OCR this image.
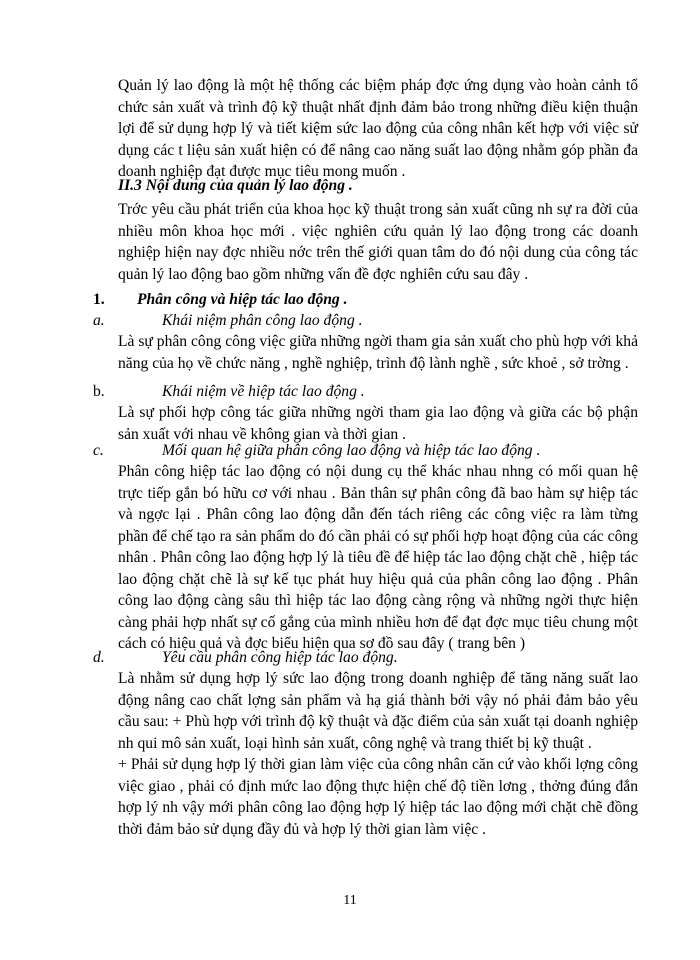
Quản lý lao động là một hệ thống các biệm pháp đợc ứng dụng vào hoàn cảnh tổ chức sản xuất và trình độ kỹ thuật nhất định đảm bảo trong những điều kiện thuận lợi để sử dụng hợp lý và tiết kiệm sức lao động của công nhân kết hợp với việc sử dụng các t liệu sản xuất hiện có để nâng cao năng suất lao động nhằm góp phần đa doanh nghiệp đạt được mục tiêu mong muốn .
II.3 Nội dung của quản lý lao động .
Trớc yêu cầu phát triển của khoa học kỹ thuật trong sản xuất cũng nh sự ra đời của nhiều môn khoa học mới . việc nghiên cứu quản lý lao động trong các doanh nghiệp hiện nay đợc nhiều nớc trên thế giới quan tâm do đó nội dung của công tác quản lý lao động bao gồm những vấn đề đợc nghiên cứu sau đây .
1. Phân công và hiệp tác lao động .
a.	Khái niệm phân công lao động .
Là sự phân công công việc giữa những ngời tham gia sản xuất cho phù hợp với khả năng của họ về chức năng , nghề nghiệp, trình độ lành nghề , sức khoẻ , sở trờng .
b.	Khái niệm về hiệp tác lao động .
Là sự phối hợp công tác giữa những ngời tham gia lao động và giữa các bộ phận sản xuất với nhau về không gian và thời gian .
c.	Mối quan hệ giữa phân công lao động và hiệp tác lao động .
Phân công hiệp tác lao động có nội dung cụ thể khác nhau nhng có mối quan hệ trực tiếp gắn bó hữu cơ với nhau . Bản thân sự phân công đã bao hàm sự hiệp tác và ngợc lại . Phân công lao động dẫn đến tách riêng các công việc ra làm từng phần để chế tạo ra sản phẩm do đó cần phải có sự phối hợp hoạt động của các công nhân . Phân công lao động hợp lý là tiêu đề để hiệp tác lao động chặt chẽ , hiệp tác lao động chặt chẽ là sự kế tục phát huy hiệu quả của phân công lao động . Phân công lao động càng sâu thì hiệp tác lao động càng rộng và những ngời thực hiện càng phải hợp nhất sự cố gắng của mình nhiều hơn để đạt đợc mục tiêu chung một cách có hiệu quả và đợc biểu hiện qua sơ đồ sau đây ( trang bên )
d.	Yêu cầu phân công hiệp tác lao động.
Là nhằm sử dụng hợp lý sức lao động trong doanh nghiệp để tăng năng suất lao động nâng cao chất lợng sản phẩm và hạ giá thành bởi vậy nó phải đảm bảo yêu cầu sau: + Phù hợp với trình độ kỹ thuật và đặc điểm của sản xuất tại doanh nghiệp nh qui mô sản xuất, loại hình sản xuất, công nghệ và trang thiết bị kỹ thuật .
+ Phải sử dụng hợp lý thời gian làm việc của công nhân căn cứ vào khối lợng công việc giao , phải có định mức lao động thực hiện chế độ tiền lơng , thởng đúng đắn hợp lý nh vậy mới phân công lao động hợp lý hiệp tác lao động mới chặt chẽ đồng thời đảm bảo sử dụng đầy đủ và hợp lý thời gian làm việc .
11
